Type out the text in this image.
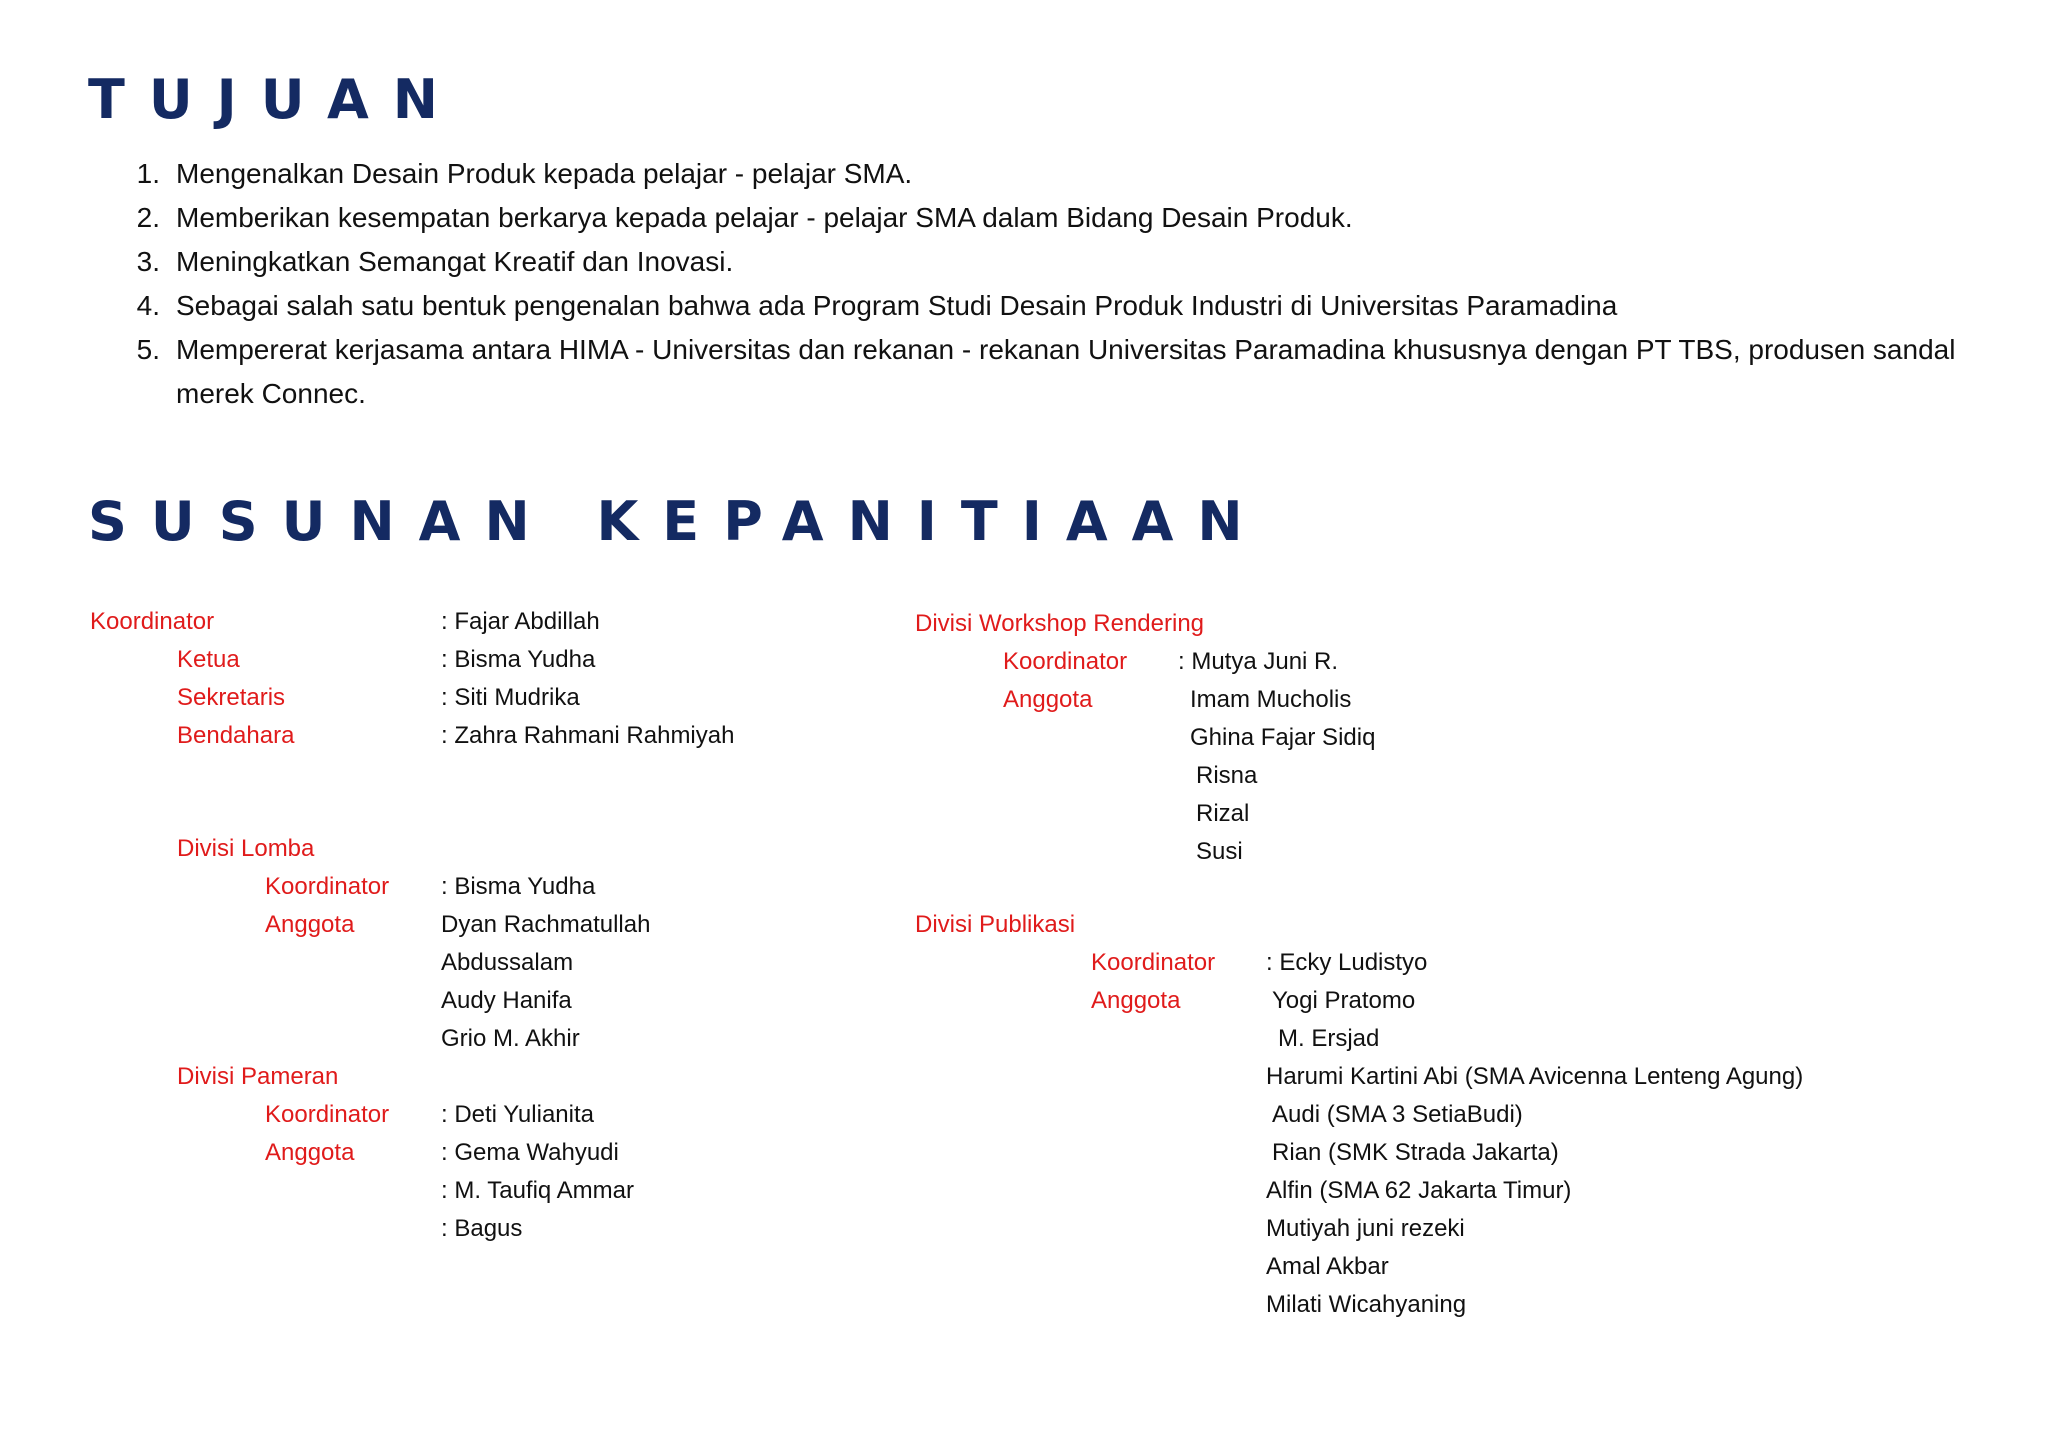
TUJUAN
1. Mengenalkan Desain Produk kepada pelajar - pelajar SMA.
2. Memberikan kesempatan berkarya kepada pelajar - pelajar SMA dalam Bidang Desain Produk.
3. Meningkatkan Semangat Kreatif dan Inovasi.
4. Sebagai salah satu bentuk pengenalan bahwa ada Program Studi Desain Produk Industri di Universitas Paramadina
5. Mempererat kerjasama antara HIMA - Universitas dan rekanan - rekanan Universitas Paramadina khususnya dengan PT TBS, produsen sandal merek Connec.
SUSUNAN KEPANITIAAN
Koordinator	: Fajar Abdillah
Ketua	: Bisma Yudha
Sekretaris	: Siti Mudrika
Bendahara	: Zahra Rahmani Rahmiyah
Divisi Lomba
Koordinator : Bisma Yudha
Anggota	Dyan Rachmatullah
Abdussalam
Audy Hanifa
Grio M. Akhir
Divisi Pameran
Koordinator : Deti Yulianita
Anggota	: Gema Wahyudi
: M. Taufiq Ammar
: Bagus
Divisi Workshop Rendering
Koordinator : Mutya Juni R.
Anggota	Imam Mucholis
Ghina Fajar Sidiq
Risna
Rizal
Susi
Divisi Publikasi
Koordinator : Ecky Ludistyo
Anggota	Yogi Pratomo
M. Ersjad
Harumi Kartini Abi (SMA Avicenna Lenteng Agung)
Audi (SMA 3 SetiaBudi)
Rian (SMK Strada Jakarta)
Alfin (SMA 62 Jakarta Timur)
Mutiyah juni rezeki
Amal Akbar
Milati Wicahyaning
